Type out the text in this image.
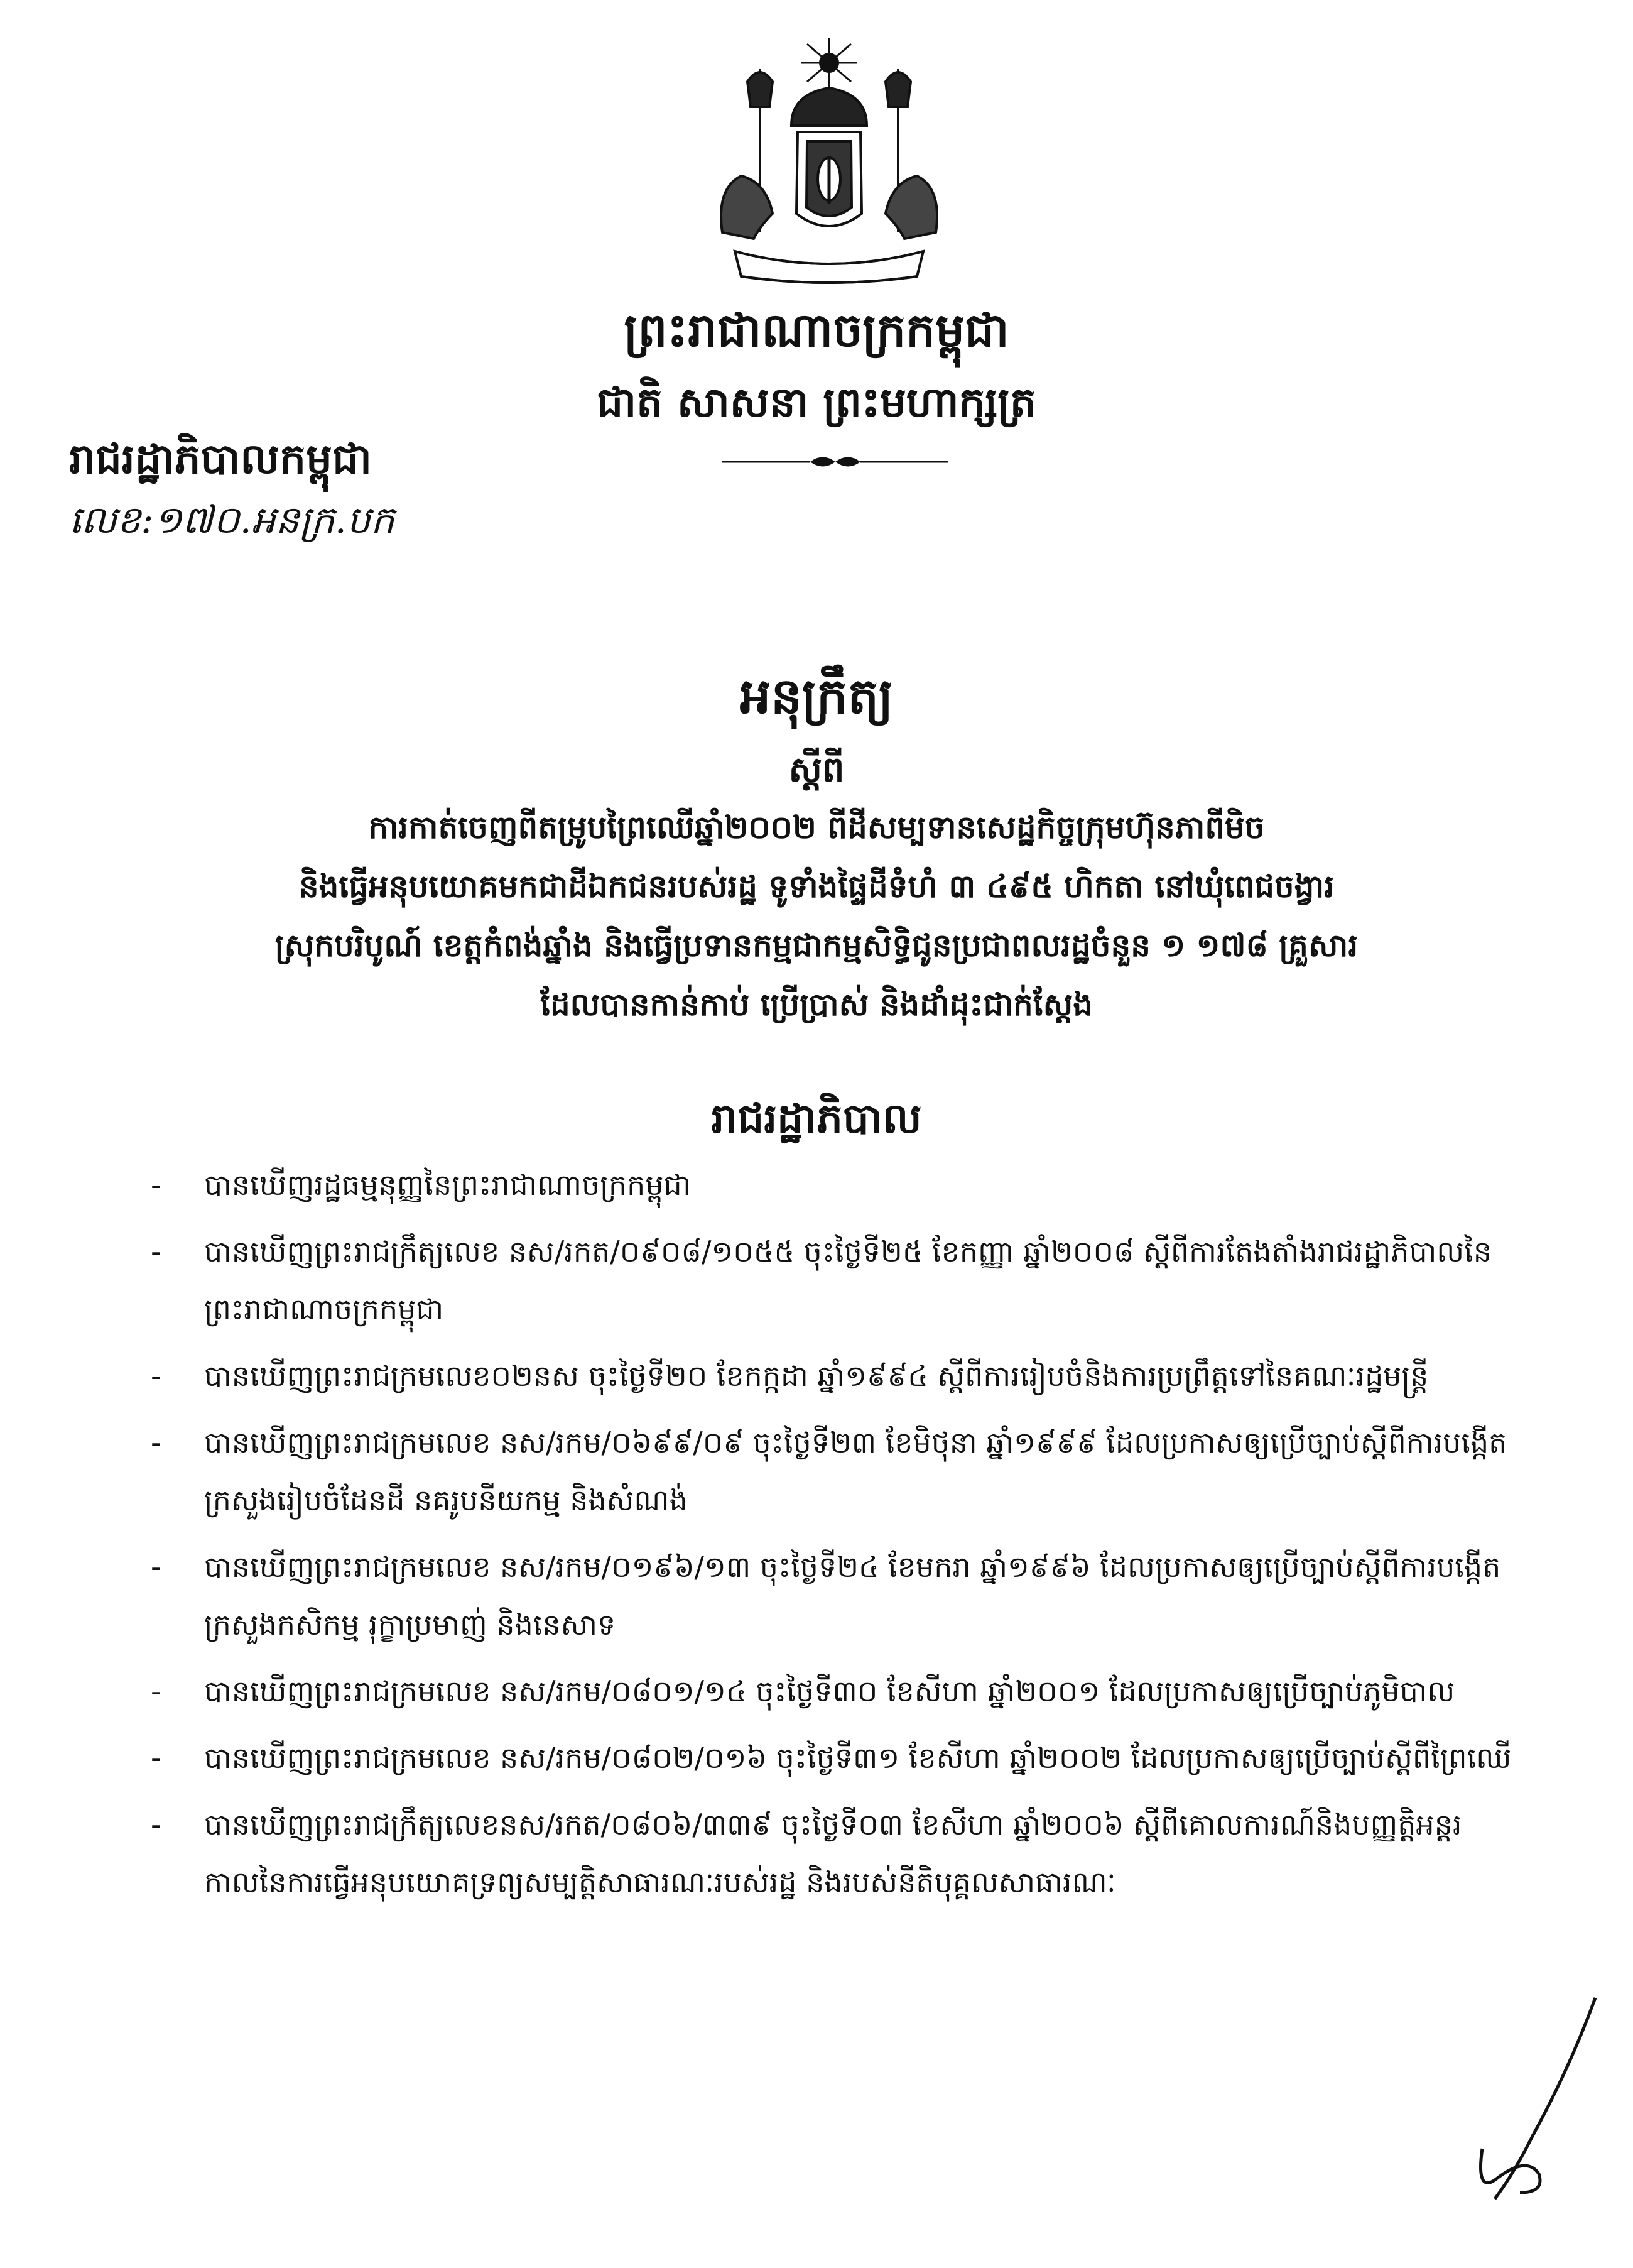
ព្រះរាជាណាចក្រកម្ពុជា
ជាតិ សាសនា ព្រះមហាក្សត្រ
រាជរដ្ឋាភិបាលកម្ពុជា
លេខ:១៧០.អនក្រ.បក
អនុក្រឹត្យ
ស្តីពី
ការកាត់ចេញពីតម្រូបព្រៃឈើឆ្នាំ២០០២ ពីដីសម្បទានសេដ្ឋកិច្ចក្រុមហ៊ុនភាពីមិច
និងធ្វើអនុបយោគមកជាដីឯកជនរបស់រដ្ឋ ទូទាំងផ្ទៃដីទំហំ ៣ ៤៩៥ ហិកតា នៅឃុំពេជចង្វារ
ស្រុកបរិបូណ៍ ខេត្តកំពង់ឆ្នាំង និងធ្វើប្រទានកម្មជាកម្មសិទ្ធិជូនប្រជាពលរដ្ឋចំនួន ១ ១៧៨ គ្រួសារ
ដែលបានកាន់កាប់ ប្រើប្រាស់ និងដាំដុះជាក់ស្តែង
រាជរដ្ឋាភិបាល
- បានឃើញរដ្ឋធម្មនុញ្ញនៃព្រះរាជាណាចក្រកម្ពុជា
- បានឃើញព្រះរាជក្រឹត្យលេខ នស/រកត/០៩០៨/១០៥៥ ចុះថ្ងៃទី២៥ ខែកញ្ញា ឆ្នាំ២០០៨ ស្តីពីការតែងតាំងរាជរដ្ឋាភិបាលនៃព្រះរាជាណាចក្រកម្ពុជា
- បានឃើញព្រះរាជក្រមលេខ០២នស ចុះថ្ងៃទី២០ ខែកក្កដា ឆ្នាំ១៩៩៤ ស្តីពីការរៀបចំនិងការប្រព្រឹត្តទៅនៃគណៈរដ្ឋមន្ត្រី
- បានឃើញព្រះរាជក្រមលេខ នស/រកម/០៦៩៩/០៩ ចុះថ្ងៃទី២៣ ខែមិថុនា ឆ្នាំ១៩៩៩ ដែលប្រកាសឲ្យប្រើច្បាប់ស្តីពីការបង្កើតក្រសួងរៀបចំដែនដី នគរូបនីយកម្ម និងសំណង់
- បានឃើញព្រះរាជក្រមលេខ នស/រកម/០១៩៦/១៣ ចុះថ្ងៃទី២៤ ខែមករា ឆ្នាំ១៩៩៦ ដែលប្រកាសឲ្យប្រើច្បាប់ស្តីពីការបង្កើតក្រសួងកសិកម្ម រុក្ខាប្រមាញ់ និងនេសាទ
- បានឃើញព្រះរាជក្រមលេខ នស/រកម/០៨០១/១៤ ចុះថ្ងៃទី៣០ ខែសីហា ឆ្នាំ២០០១ ដែលប្រកាសឲ្យប្រើច្បាប់ភូមិបាល
- បានឃើញព្រះរាជក្រមលេខ នស/រកម/០៨០២/០១៦ ចុះថ្ងៃទី៣១ ខែសីហា ឆ្នាំ២០០២ ដែលប្រកាសឲ្យប្រើច្បាប់ស្តីពីព្រៃឈើ
- បានឃើញព្រះរាជក្រឹត្យលេខនស/រកត/០៨០៦/៣៣៩ ចុះថ្ងៃទី០៣ ខែសីហា ឆ្នាំ២០០៦ ស្តីពីគោលការណ៍និងបញ្ញត្តិអន្តរកាលនៃការធ្វើអនុបយោគទ្រព្យសម្បត្តិសាធារណៈរបស់រដ្ឋ និងរបស់នីតិបុគ្គលសាធារណៈ
